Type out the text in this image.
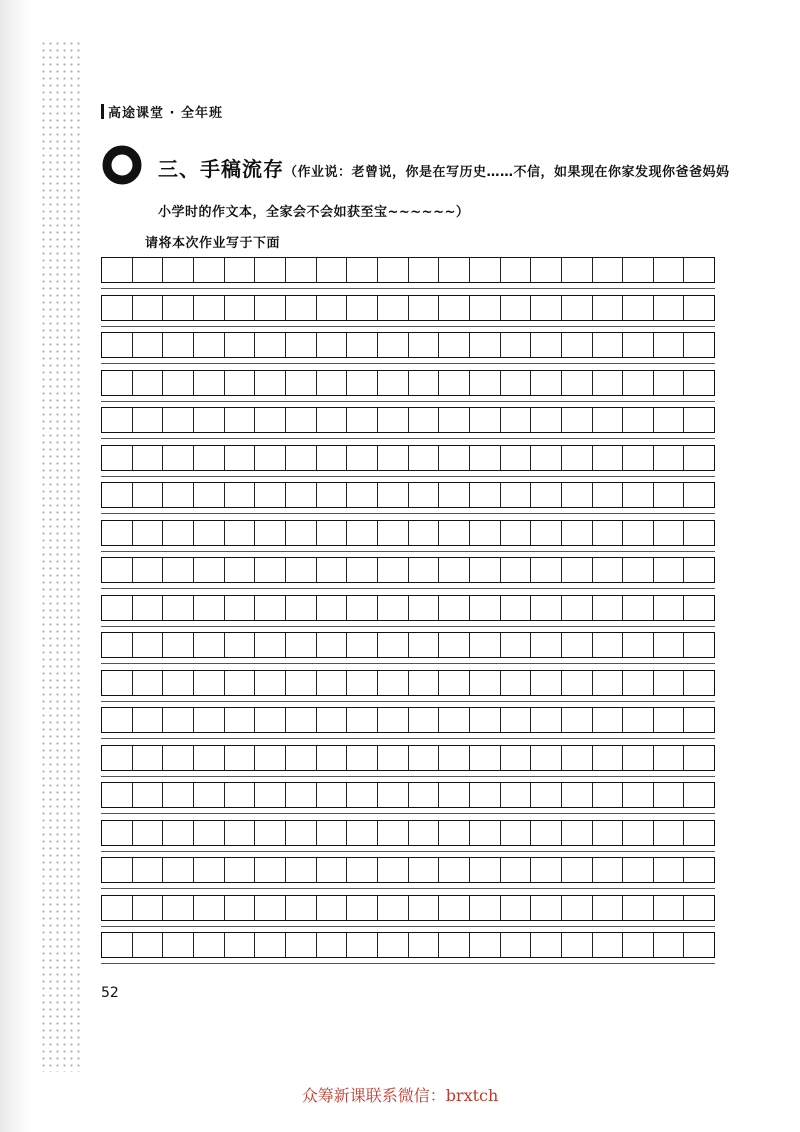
高途课堂 · 全年班
三、手稿流存（作业说：老曾说，你是在写历史……不信，如果现在你家发现你爸爸妈妈小学时的作文本，全家会不会如获至宝~~~~~~）
请将本次作业写于下面
52
众筹新课联系微信：brxtch
